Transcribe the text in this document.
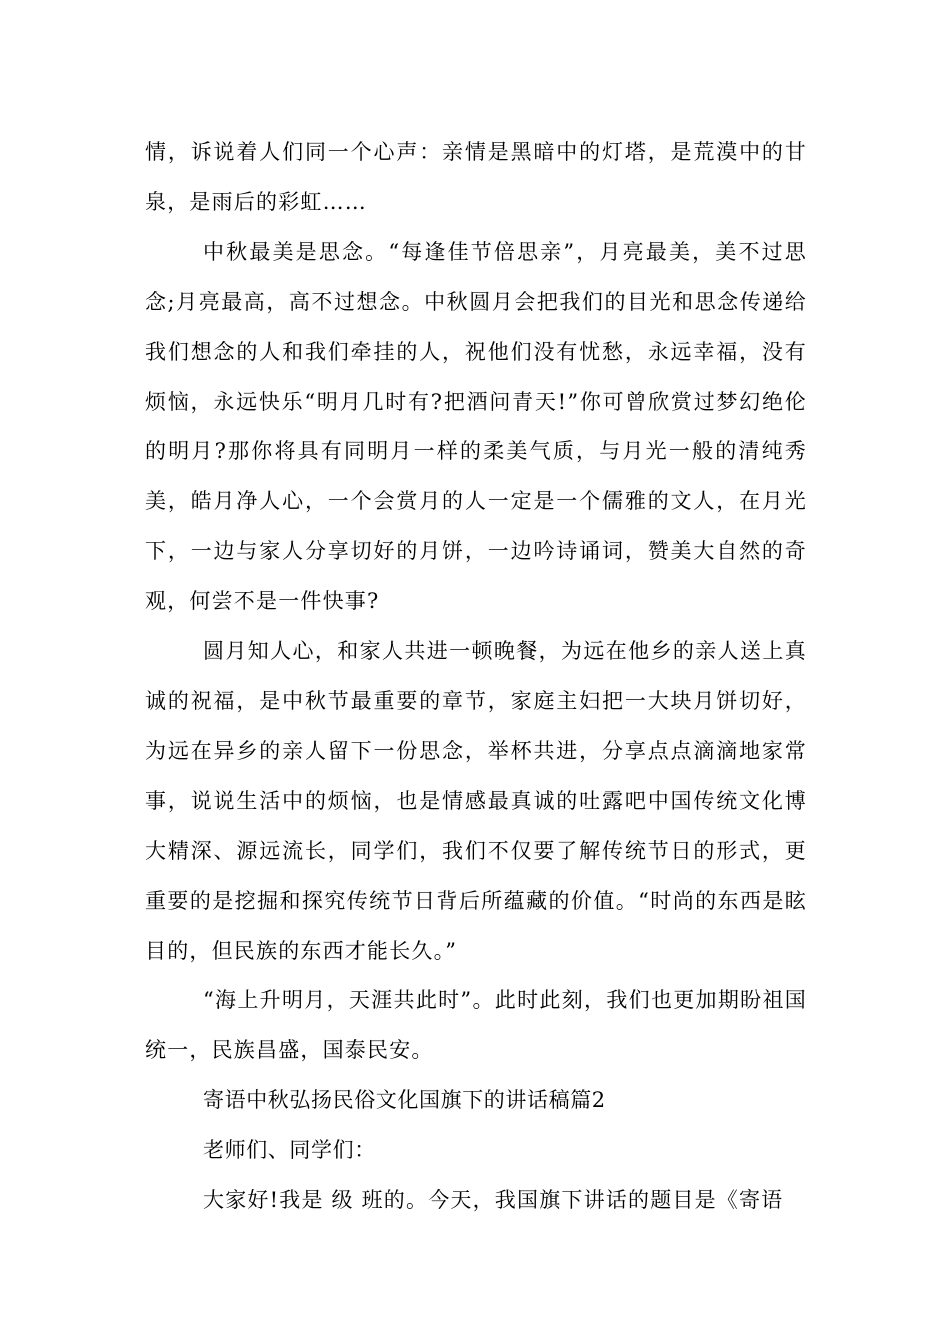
情，诉说着人们同一个心声：亲情是黑暗中的灯塔，是荒漠中的甘泉，是雨后的彩虹……

中秋最美是思念。“每逢佳节倍思亲”，月亮最美，美不过思念;月亮最高，高不过想念。中秋圆月会把我们的目光和思念传递给我们想念的人和我们牵挂的人，祝他们没有忧愁，永远幸福，没有烦恼，永远快乐“明月几时有?把酒问青天!”你可曾欣赏过梦幻绝伦的明月?那你将具有同明月一样的柔美气质，与月光一般的清纯秀美，皓月净人心，一个会赏月的人一定是一个儒雅的文人，在月光下，一边与家人分享切好的月饼，一边吟诗诵词，赞美大自然的奇观，何尝不是一件快事?

圆月知人心，和家人共进一顿晚餐，为远在他乡的亲人送上真诚的祝福，是中秋节最重要的章节，家庭主妇把一大块月饼切好，为远在异乡的亲人留下一份思念，举杯共进，分享点点滴滴地家常事，说说生活中的烦恼，也是情感最真诚的吐露吧中国传统文化博大精深、源远流长，同学们，我们不仅要了解传统节日的形式，更重要的是挖掘和探究传统节日背后所蕴藏的价值。“时尚的东西是眩目的，但民族的东西才能长久。”

“海上升明月，天涯共此时”。此时此刻，我们也更加期盼祖国统一，民族昌盛，国泰民安。

寄语中秋弘扬民俗文化国旗下的讲话稿篇2

老师们、同学们：

大家好!我是 级 班的。今天，我国旗下讲话的题目是《寄语
